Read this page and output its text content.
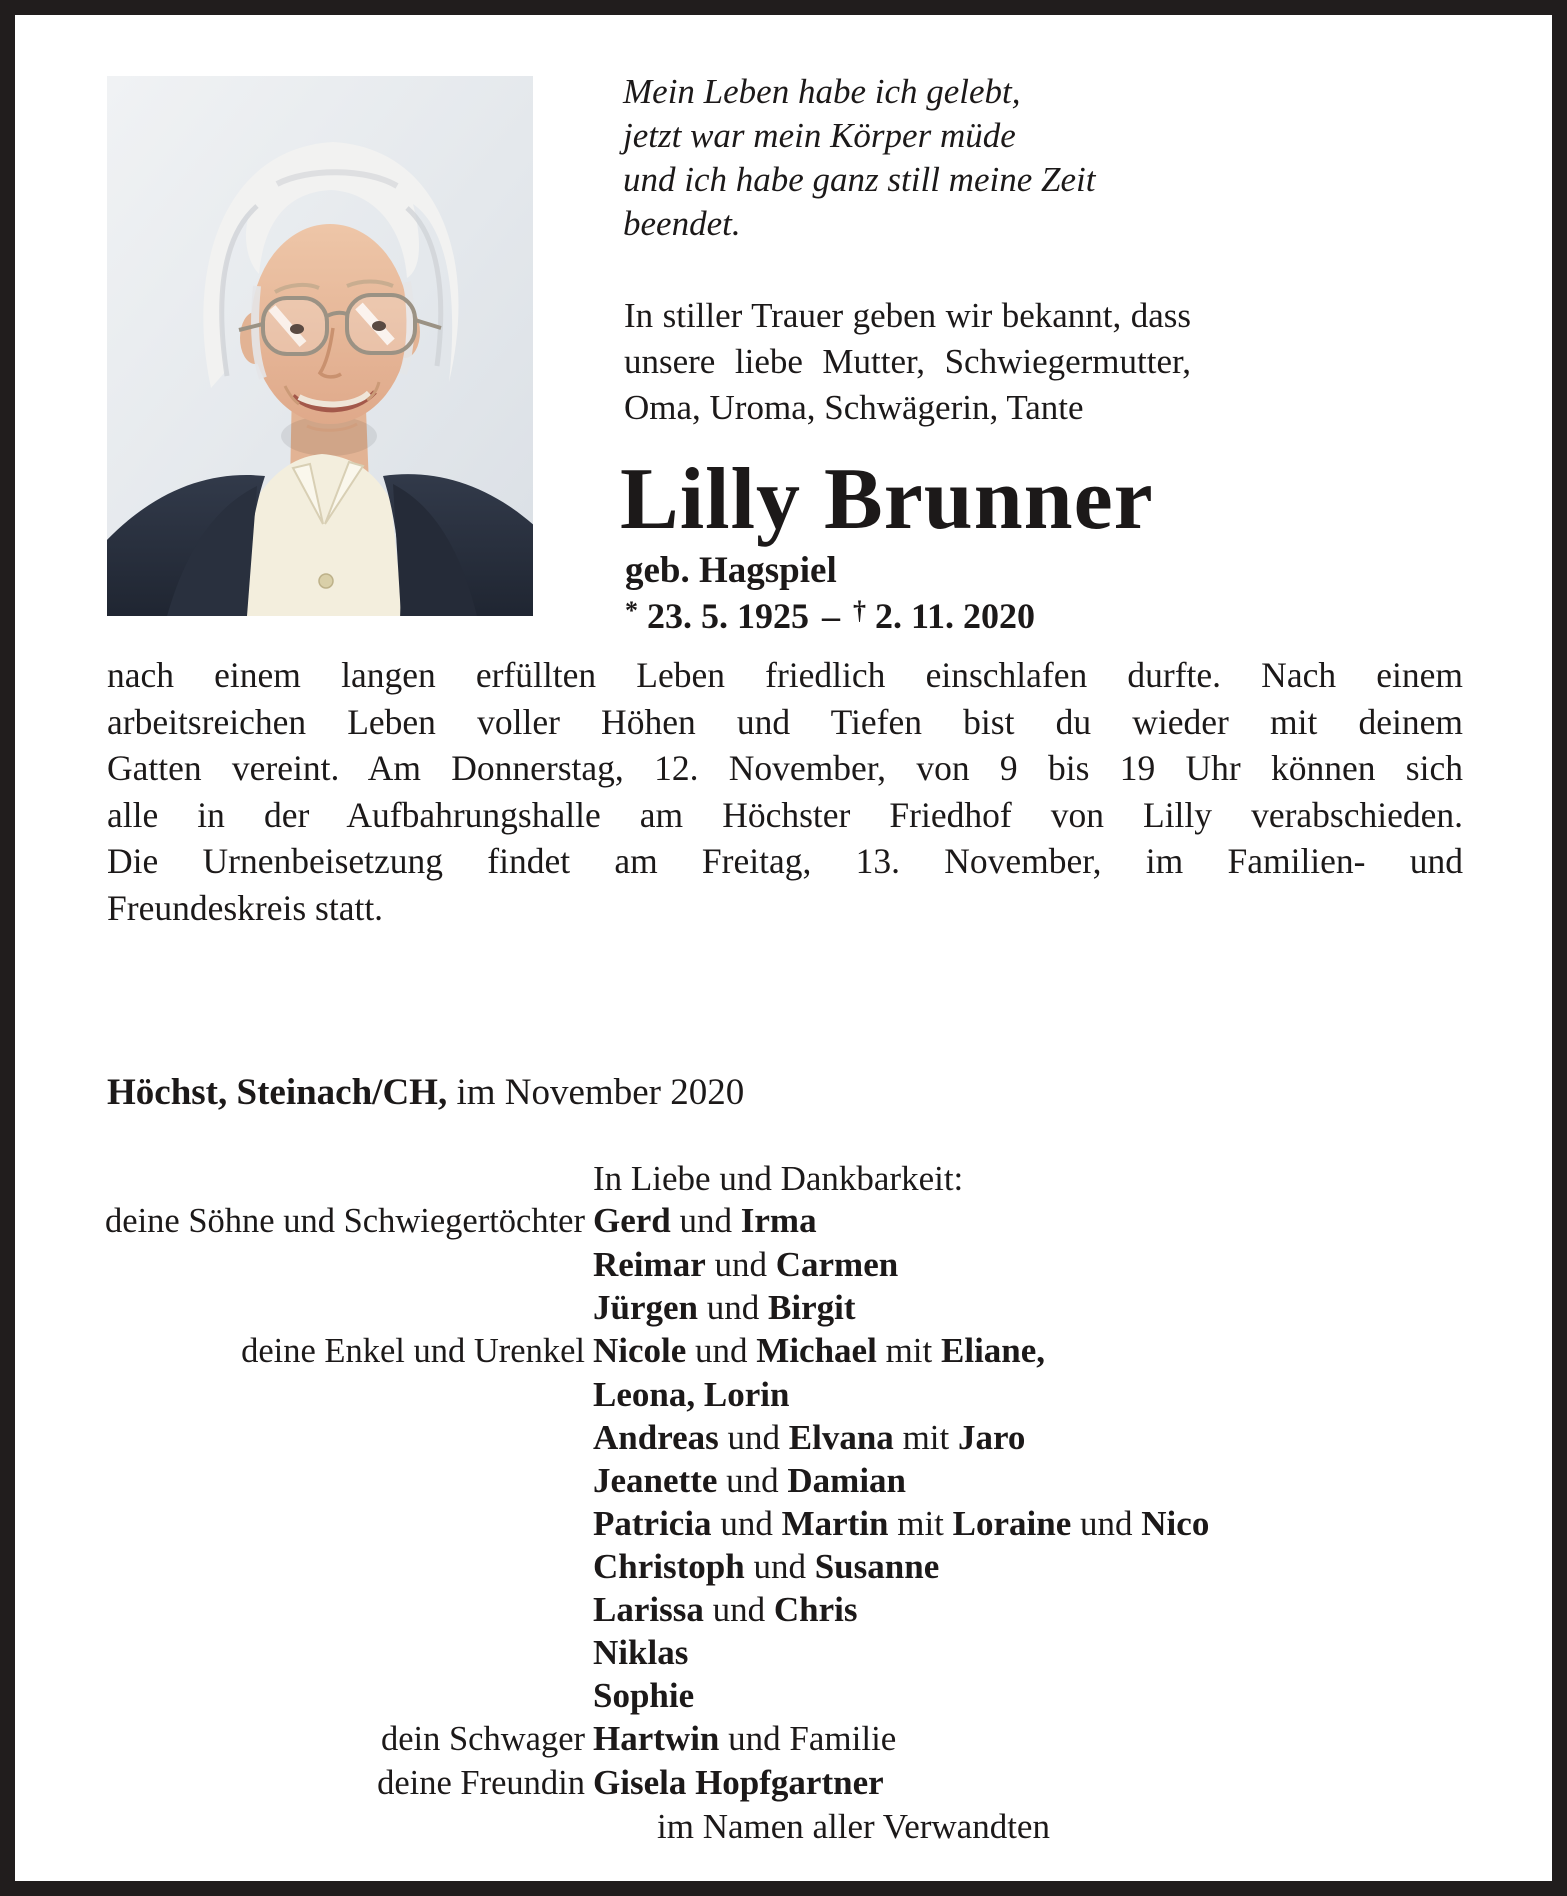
Mein Leben habe ich gelebt,
jetzt war mein Körper müde
und ich habe ganz still meine Zeit beendet.
In stiller Trauer geben wir bekannt, dass
unsere liebe Mutter, Schwiegermutter,
Oma, Uroma, Schwägerin, Tante
Lilly Brunner
geb. Hagspiel
* 23. 5. 1925 – † 2. 11. 2020
nach einem langen erfüllten Leben friedlich einschlafen durfte. Nach einem
arbeitsreichen Leben voller Höhen und Tiefen bist du wieder mit deinem
Gatten vereint. Am Donnerstag, 12. November, von 9 bis 19 Uhr können sich
alle in der Aufbahrungshalle am Höchster Friedhof von Lilly verabschieden.
Die Urnenbeisetzung findet am Freitag, 13. November, im Familien- und
Freundeskreis statt.
Höchst, Steinach/CH, im November 2020
In Liebe und Dankbarkeit:
deine Söhne und Schwiegertöchter Gerd und Irma
Reimar und Carmen
Jürgen und Birgit
deine Enkel und Urenkel Nicole und Michael mit Eliane,
Leona, Lorin
Andreas und Elvana mit Jaro
Jeanette und Damian
Patricia und Martin mit Loraine und Nico
Christoph und Susanne
Larissa und Chris
Niklas
Sophie
dein Schwager Hartwin und Familie
deine Freundin Gisela Hopfgartner
im Namen aller Verwandten
